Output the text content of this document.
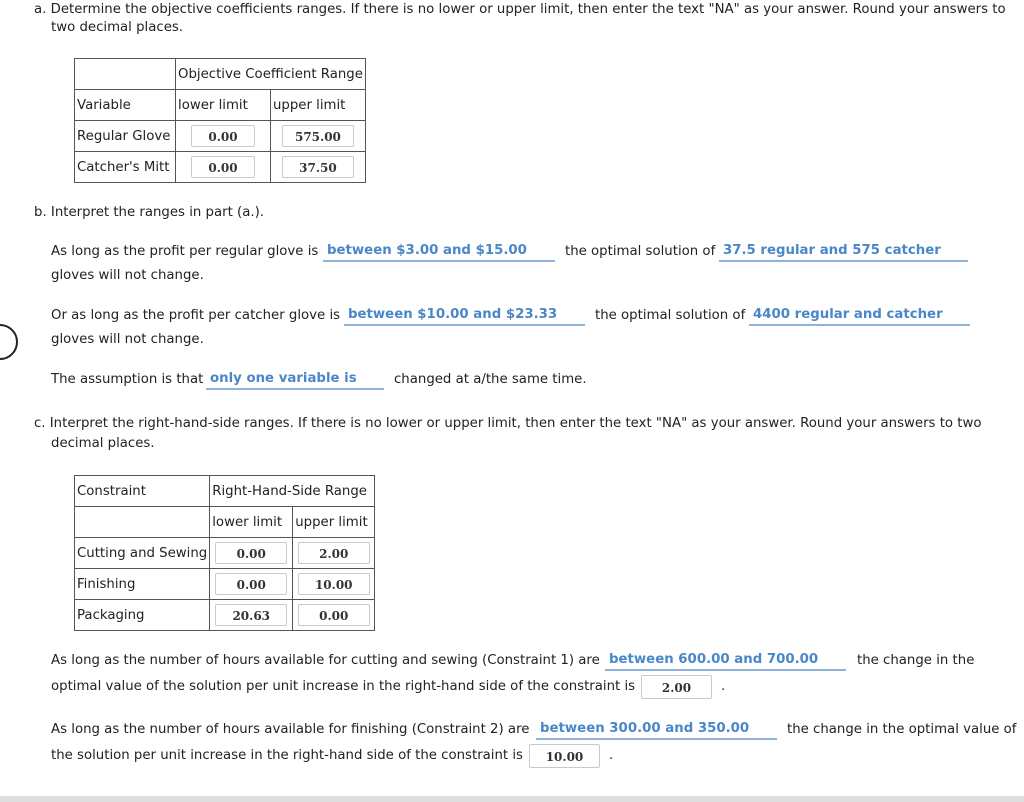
a. Determine the objective coefficients ranges. If there is no lower or upper limit, then enter the text "NA" as your answer. Round your answers to
two decimal places.
	Objective Coefficient Range	
Variable	lower limit	upper limit
Regular Glove	0.00	575.00
Catcher's Mitt	0.00	37.50
b. Interpret the ranges in part (a.).
As long as the profit per regular glove is between $3.00 and $15.00	the optimal solution of 37.5 regular and 575 catcher
gloves will not change.
Or as long as the profit per catcher glove is between $10.00 and $23.33	the optimal solution of 4400 regular and catcher
gloves will not change.
The assumption is that only one variable is	changed at a/the same time.
c. Interpret the right-hand-side ranges. If there is no lower or upper limit, then enter the text "NA" as your answer. Round your answers to two
decimal places.
Constraint	Right-Hand-Side Range	
	lower limit	upper limit
Cutting and Sewing	0.00	2.00
Finishing	0.00	10.00
Packaging	20.63	0.00
As long as the number of hours available for cutting and sewing (Constraint 1) are between 600.00 and 700.00	the change in the
optimal value of the solution per unit increase in the right-hand side of the constraint is	2.00	.
As long as the number of hours available for finishing (Constraint 2) are between 300.00 and 350.00	the change in the optimal value of
the solution per unit increase in the right-hand side of the constraint is	10.00	.
